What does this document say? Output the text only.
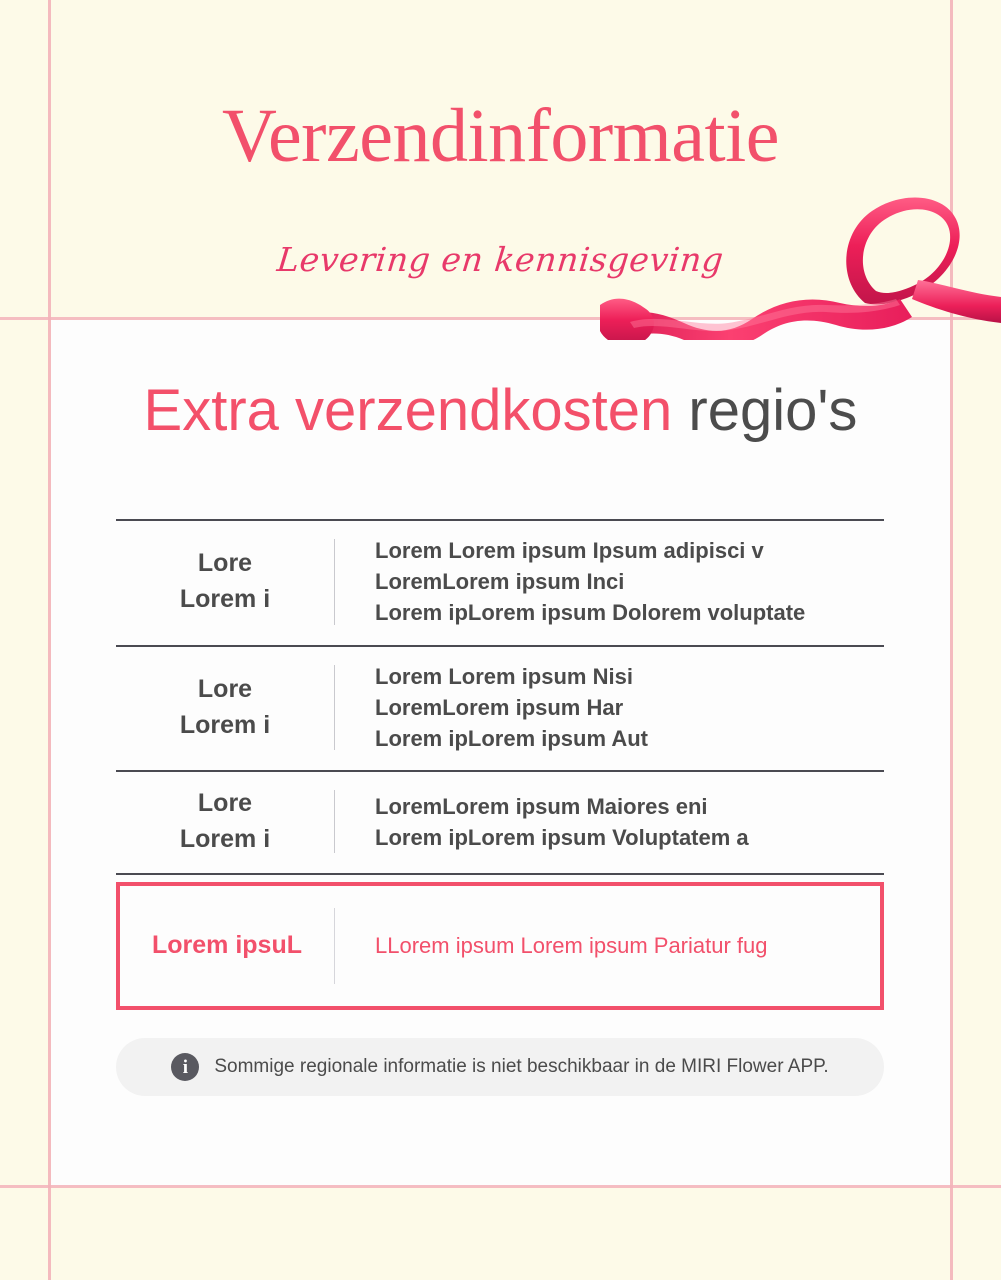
Extra verzendkosten regio's
Lore
Lorem i
Lorem Lorem ipsum Ipsum adipisci v
LoremLorem ipsum Inci
Lorem ipLorem ipsum Dolorem voluptate
Lore
Lorem i
Lorem Lorem ipsum Nisi
LoremLorem ipsum Har
Lorem ipLorem ipsum Aut
Lore
Lorem i
LoremLorem ipsum Maiores eni
Lorem ipLorem ipsum Voluptatem a
Lorem ipsuL	LLorem ipsum Lorem ipsum Pariatur fug
i	Sommige regionale informatie is niet beschikbaar in de MIRI Flower APP.
Verzendinformatie
Levering en kennisgeving
